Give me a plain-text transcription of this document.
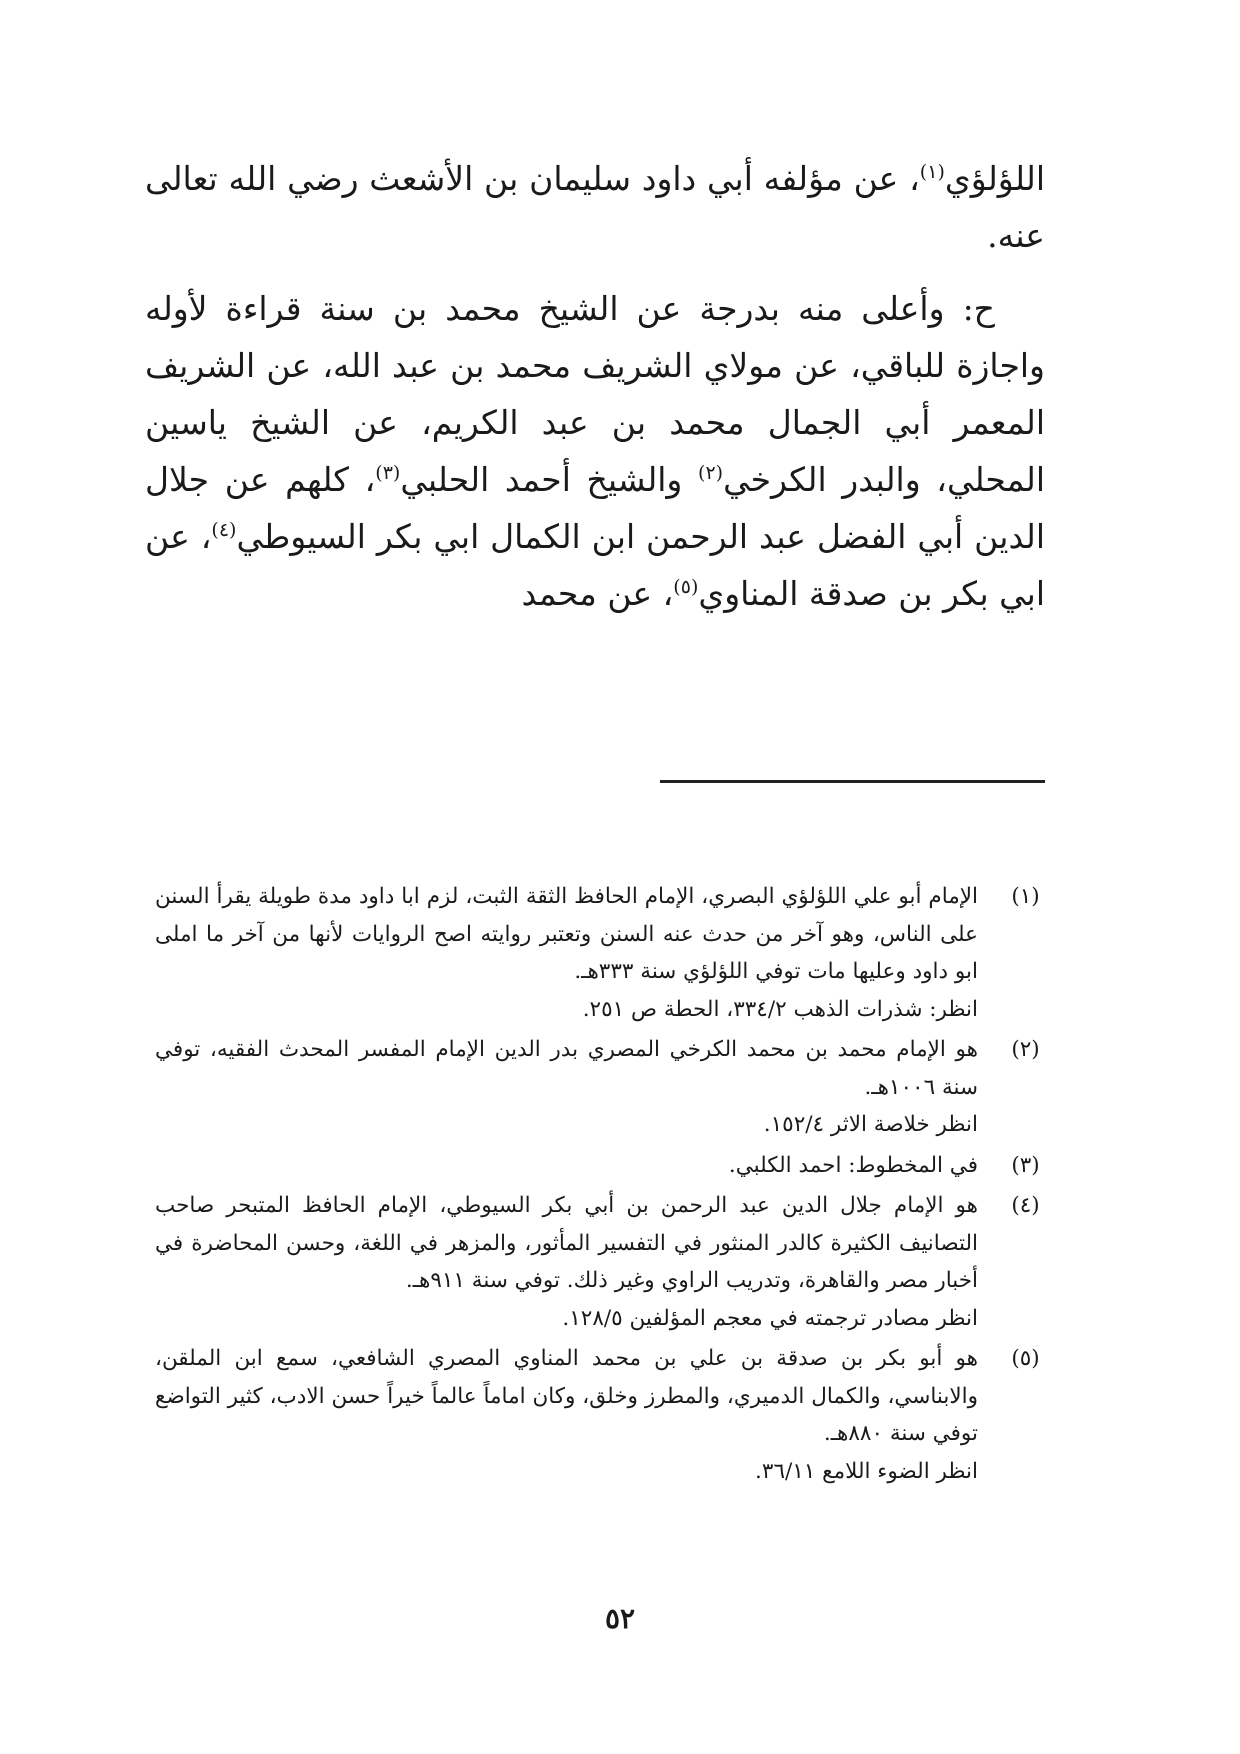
اللؤلؤي$^{(١)}$، عن مؤلفه أبي داود سليمان بن الأشعث رضي الله تعالى عنه.

ح: وأعلى منه بدرجة عن الشيخ محمد بن سنة قراءة لأوله واجازة للباقي، عن مولاي الشريف محمد بن عبد الله، عن الشريف المعمر أبي الجمال محمد بن عبد الكريم، عن الشيخ ياسين المحلي، والبدر الكرخي$^{(٢)}$ والشيخ أحمد الحلبي$^{(٣)}$، كلهم عن جلال الدين أبي الفضل عبد الرحمن ابن الكمال ابي بكر السيوطي$^{(٤)}$، عن ابي بكر بن صدقة المناوي$^{(٥)}$، عن محمد

(١)
الإمام أبو علي اللؤلؤي البصري، الإمام الحافظ الثقة الثبت، لزم ابا داود مدة طويلة يقرأ السنن على الناس، وهو آخر من حدث عنه السنن وتعتبر روايته اصح الروايات لأنها من آخر ما املى ابو داود وعليها مات توفي اللؤلؤي سنة ٣٣٣هـ.
انظر: شذرات الذهب ٣٣٤/٢، الحطة ص ٢٥١.
(٢)
هو الإمام محمد بن محمد الكرخي المصري بدر الدين الإمام المفسر المحدث الفقيه، توفي سنة ١٠٠٦هـ.
انظر خلاصة الاثر ١٥٢/٤.
(٣)
في المخطوط: احمد الكلبي.
(٤)
هو الإمام جلال الدين عبد الرحمن بن أبي بكر السيوطي، الإمام الحافظ المتبحر صاحب التصانيف الكثيرة كالدر المنثور في التفسير المأثور، والمزهر في اللغة، وحسن المحاضرة في أخبار مصر والقاهرة، وتدريب الراوي وغير ذلك. توفي سنة ٩١١هـ.
انظر مصادر ترجمته في معجم المؤلفين ١٢٨/٥.
(٥)
هو أبو بكر بن صدقة بن علي بن محمد المناوي المصري الشافعي، سمع ابن الملقن، والابناسي، والكمال الدميري، والمطرز وخلق، وكان اماماً عالماً خيراً حسن الادب، كثير التواضع توفي سنة ٨٨٠هـ.
انظر الضوء اللامع ٣٦/١١.
٥٢
